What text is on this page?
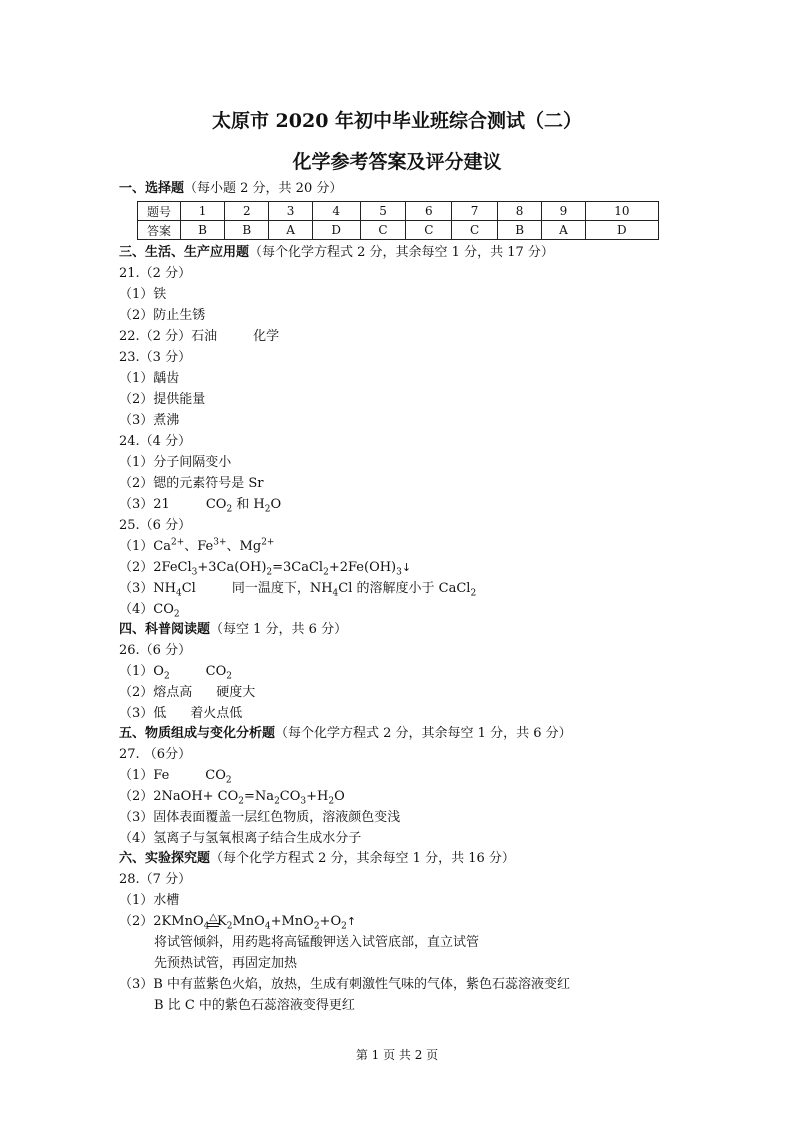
太原市 2020 年初中毕业班综合测试（二）
化学参考答案及评分建议
一、选择题（每小题 2 分，共 20 分）
题号	1	2	3	4	5	6	7	8	9	10
答案	B	B	A	D	C	C	C	B	A	D
三、生活、生产应用题（每个化学方程式 2 分，其余每空 1 分，共 17 分）
21.（2 分）
（1）铁
（2）防止生锈
22.（2 分）石油	化学
23.（3 分）
（1）龋齿
（2）提供能量
（3）煮沸
24.（4 分）
（1）分子间隔变小
（2）锶的元素符号是 Sr
（3）21	$CO_2$ 和 $H_2O$
25.（6 分）
$(1)Ca^{2+}$、$Fe^{3+}$、$Mg^{2+}$
$(2)2FeCl_3+3Ca(OH)_2=3CaCl_2+2Fe(OH)_3↓$
$(3)NH_4Cl$	同一温度下，$NH_4Cl$ 的溶解度小于 CaCl$_2$
$(4)CO_2$
四、科普阅读题（每空 1 分，共 6 分）
26.（6 分）
$(1)O_2$	$CO_2$
（2）熔点高 硬度大
（3）低 着火点低
五、物质组成与变化分析题（每个化学方程式 2 分，其余每空 1 分，共 6 分）
27. （6分）
（1）Fe	$CO_2$
（2）2NaOH+ $CO_2=Na_2CO_3+H_2O$
（3）固体表面覆盖一层红色物质，溶液颜色变浅
（4）氢离子与氢氧根离子结合生成水分子
六、实验探究题（每个化学方程式 2 分，其余每空 1 分，共 16 分）
28.（7 分）
（1）水槽
（2）2KMnO$_4$△
$K_2MnO_4+MnO_2+O_2↑$
将试管倾斜，用药匙将高锰酸钾送入试管底部，直立试管
先预热试管，再固定加热
（3）B 中有蓝紫色火焰，放热，生成有刺激性气味的气体，紫色石蕊溶液变红
B 比 C 中的紫色石蕊溶液变得更红
第 1 页 共 2 页
